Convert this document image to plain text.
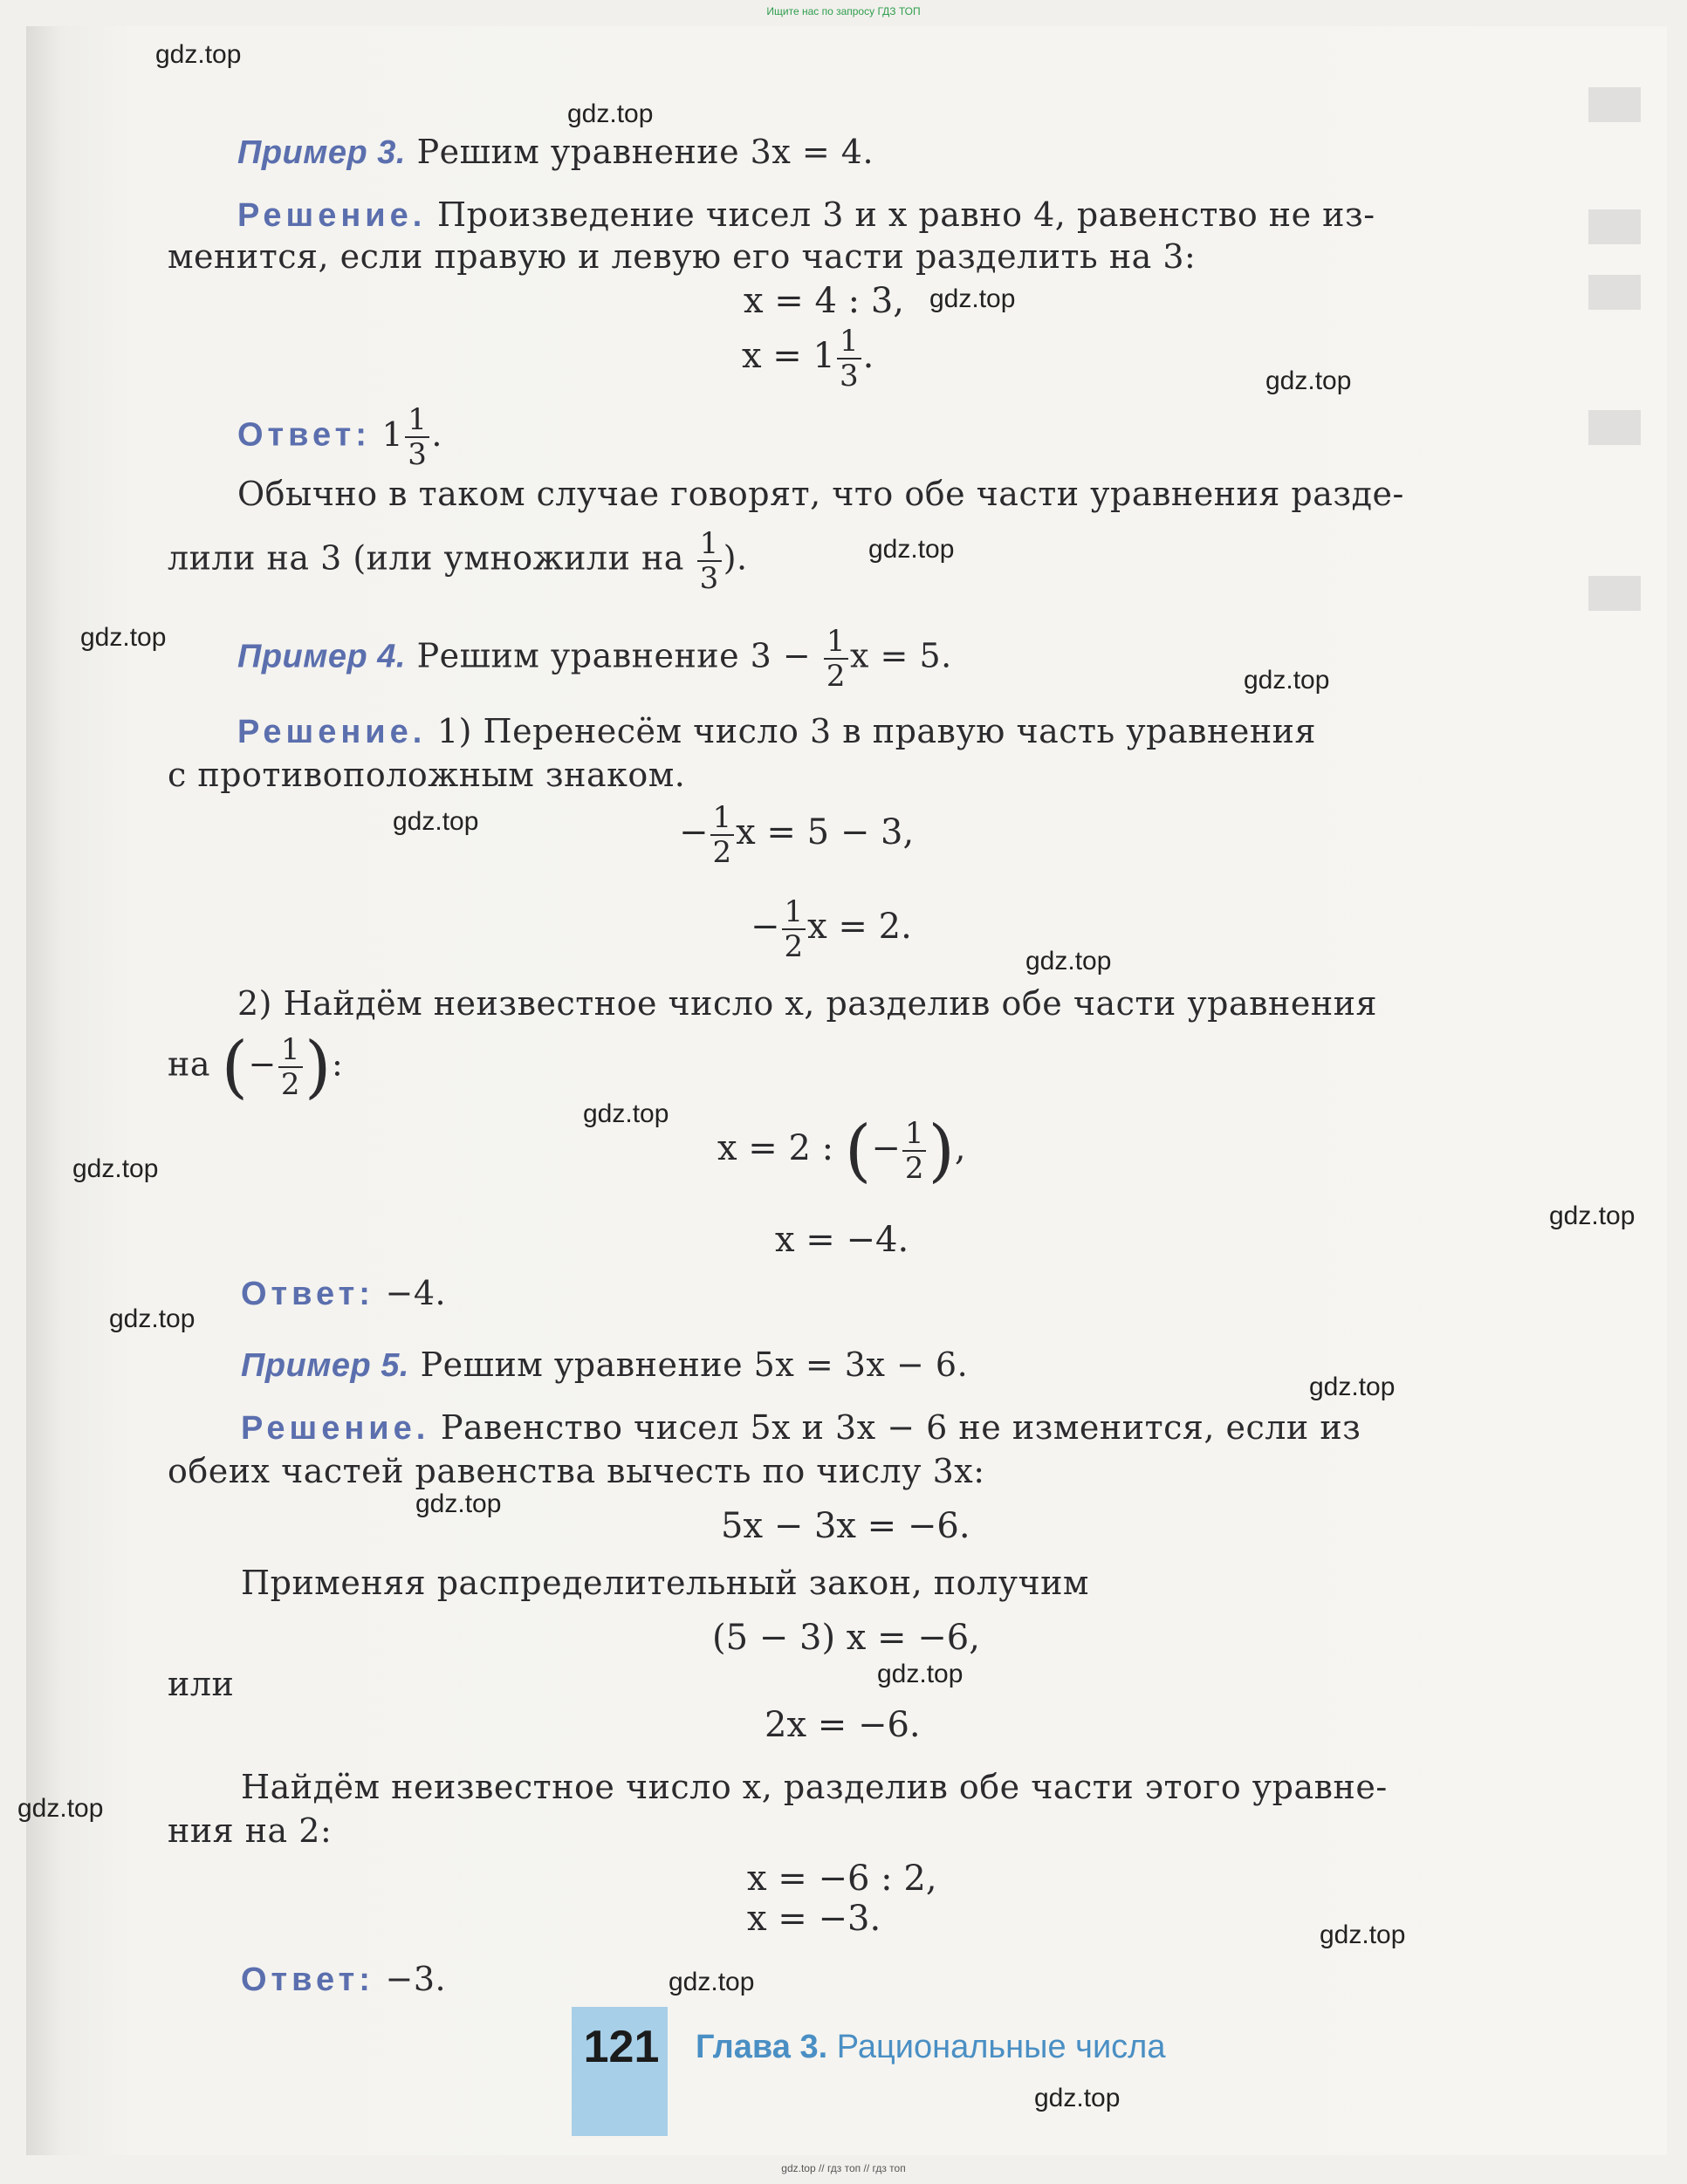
Ищите нас по запросу ГДЗ ТОП
gdz.top
gdz.top
gdz.top
gdz.top
gdz.top
gdz.top
gdz.top
gdz.top
gdz.top
gdz.top
gdz.top
gdz.top
gdz.top
gdz.top
gdz.top
gdz.top
gdz.top
gdz.top
gdz.top
gdz.top
Пример 3. Решим уравнение 3x = 4.
Решение. Произведение чисел 3 и x равно 4, равенство не из-
менится, если правую и левую его части разделить на 3:
x = 4 : 3,
$x = 1 \frac{1}{3}$ .
Ответ: $1 \frac{1}{3}$ .
Обычно в таком случае говорят, что обе части уравнения разде-
лили на 3 (или умножили на $\frac{1}{3}$ ).
Пример 4. Решим уравнение $3 - \frac{1}{2}$ x = 5.
Решение. 1) Перенесём число 3 в правую часть уравнения
с противоположным знаком.
− $\frac{1}{2}$ x = 5 − 3,
− $\frac{1}{2}$ x = 2.
2) Найдём неизвестное число x, разделив обе части уравнения
на (− $\frac{1}{2}$ ):
x = 2 : (− $\frac{1}{2}$ ),
x = −4.
Ответ: −4.
Пример 5. Решим уравнение 5x = 3x − 6.
Решение. Равенство чисел 5x и 3x − 6 не изменится, если из
обеих частей равенства вычесть по числу 3x:
5x − 3x = −6.
Применяя распределительный закон, получим
(5 − 3) x = −6,
или
2x = −6.
Найдём неизвестное число x, разделив обе части этого уравне-
ния на 2:
x = −6 : 2,
x = −3.
Ответ: −3.
121 Глава 3. Рациональные числа
gdz.top // гдз топ // гдз топ
